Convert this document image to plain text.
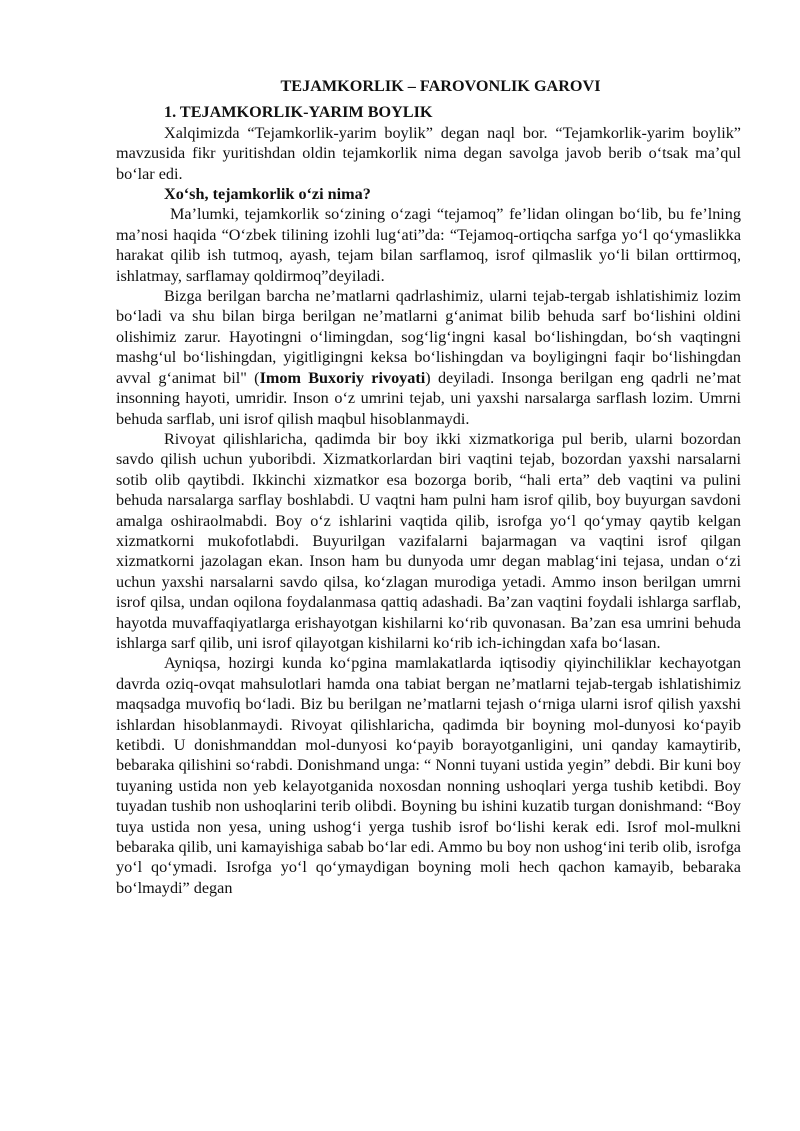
TEJAMKORLIK – FAROVONLIK GAROVI
1. TEJAMKORLIK-YARIM BOYLIK

Xalqimizda “Tejamkorlik-yarim boylik” degan naql bor. “Tejamkorlik-yarim boylik” mavzusida fikr yuritishdan oldin tejamkorlik nima degan savolga javob berib o‘tsak ma’qul bo‘lar edi.

Xo‘sh, tejamkorlik o‘zi nima?

Ma’lumki, tejamkorlik so‘zining o‘zagi “tejamoq” fe’lidan olingan bo‘lib, bu fe’lning ma’nosi haqida “O‘zbek tilining izohli lug‘ati”da: “Tejamoq-ortiqcha sarfga yo‘l qo‘ymaslikka harakat qilib ish tutmoq, ayash, tejam bilan sarflamoq, isrof qilmaslik yo‘li bilan orttirmoq, ishlatmay, sarflamay qoldirmoq”deyiladi.

Bizga berilgan barcha ne’matlarni qadrlashimiz, ularni tejab-tergab ishlatishimiz lozim bo‘ladi va shu bilan birga berilgan ne’matlarni g‘animat bilib behuda sarf bo‘lishini oldini olishimiz zarur. Hayotingni o‘limingdan, sog‘lig‘ingni kasal bo‘lishingdan, bo‘sh vaqtingni mashg‘ul bo‘lishingdan, yigitligingni keksa bo‘lishingdan va boyligingni faqir bo‘lishingdan avval g‘animat bil" (Imom Buxoriy rivoyati) deyiladi. Insonga berilgan eng qadrli ne’mat insonning hayoti, umridir. Inson o‘z umrini tejab, uni yaxshi narsalarga sarflash lozim. Umrni behuda sarflab, uni isrof qilish maqbul hisoblanmaydi.

Rivoyat qilishlaricha, qadimda bir boy ikki xizmatkoriga pul berib, ularni bozordan savdo qilish uchun yuboribdi. Xizmatkorlardan biri vaqtini tejab, bozordan yaxshi narsalarni sotib olib qaytibdi. Ikkinchi xizmatkor esa bozorga borib, “hali erta” deb vaqtini va pulini behuda narsalarga sarflay boshlabdi. U vaqtni ham pulni ham isrof qilib, boy buyurgan savdoni amalga oshiraolmabdi. Boy o‘z ishlarini vaqtida qilib, isrofga yo‘l qo‘ymay qaytib kelgan xizmatkorni mukofotlabdi. Buyurilgan vazifalarni bajarmagan va vaqtini isrof qilgan xizmatkorni jazolagan ekan. Inson ham bu dunyoda umr degan mablag‘ini tejasa, undan o‘zi uchun yaxshi narsalarni savdo qilsa, ko‘zlagan murodiga yetadi. Ammo inson berilgan umrni isrof qilsa, undan oqilona foydalanmasa qattiq adashadi. Ba’zan vaqtini foydali ishlarga sarflab, hayotda muvaffaqiyatlarga erishayotgan kishilarni ko‘rib quvonasan. Ba’zan esa umrini behuda ishlarga sarf qilib, uni isrof qilayotgan kishilarni ko‘rib ich-ichingdan xafa bo‘lasan.

Ayniqsa, hozirgi kunda ko‘pgina mamlakatlarda iqtisodiy qiyinchiliklar kechayotgan davrda oziq-ovqat mahsulotlari hamda ona tabiat bergan ne’matlarni tejab-tergab ishlatishimiz maqsadga muvofiq bo‘ladi. Biz bu berilgan ne’matlarni tejash o‘rniga ularni isrof qilish yaxshi ishlardan hisoblanmaydi. Rivoyat qilishlaricha, qadimda bir boyning mol-dunyosi ko‘payib ketibdi. U donishmanddan mol-dunyosi ko‘payib borayotganligini, uni qanday kamaytirib, bebaraka qilishini so‘rabdi. Donishmand unga: “ Nonni tuyani ustida yegin” debdi. Bir kuni boy tuyaning ustida non yeb kelayotganida noxosdan nonning ushoqlari yerga tushib ketibdi. Boy tuyadan tushib non ushoqlarini terib olibdi. Boyning bu ishini kuzatib turgan donishmand: “Boy tuya ustida non yesa, uning ushog‘i yerga tushib isrof bo‘lishi kerak edi. Isrof mol-mulkni bebaraka qilib, uni kamayishiga sabab bo‘lar edi. Ammo bu boy non ushog‘ini terib olib, isrofga yo‘l qo‘ymadi. Isrofga yo‘l qo‘ymaydigan boyning moli hech qachon kamayib, bebaraka bo‘lmaydi” degan
